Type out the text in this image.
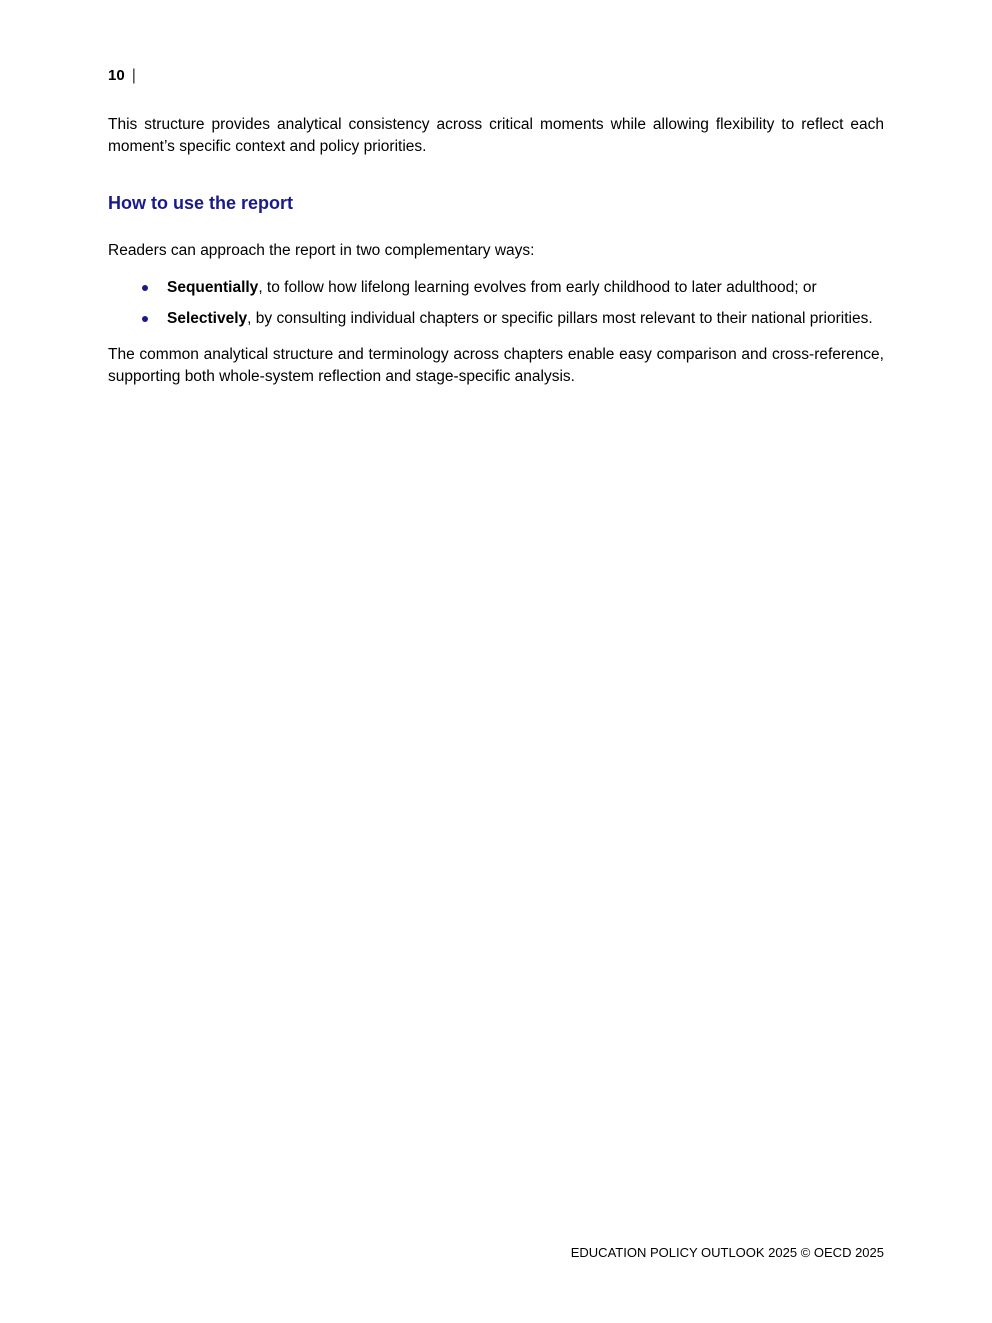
10 |

This structure provides analytical consistency across critical moments while allowing flexibility to reflect each moment’s specific context and policy priorities.

How to use the report

Readers can approach the report in two complementary ways:

Sequentially, to follow how lifelong learning evolves from early childhood to later adulthood; or
Selectively, by consulting individual chapters or specific pillars most relevant to their national priorities.

The common analytical structure and terminology across chapters enable easy comparison and cross-reference, supporting both whole-system reflection and stage-specific analysis.

EDUCATION POLICY OUTLOOK 2025 © OECD 2025
